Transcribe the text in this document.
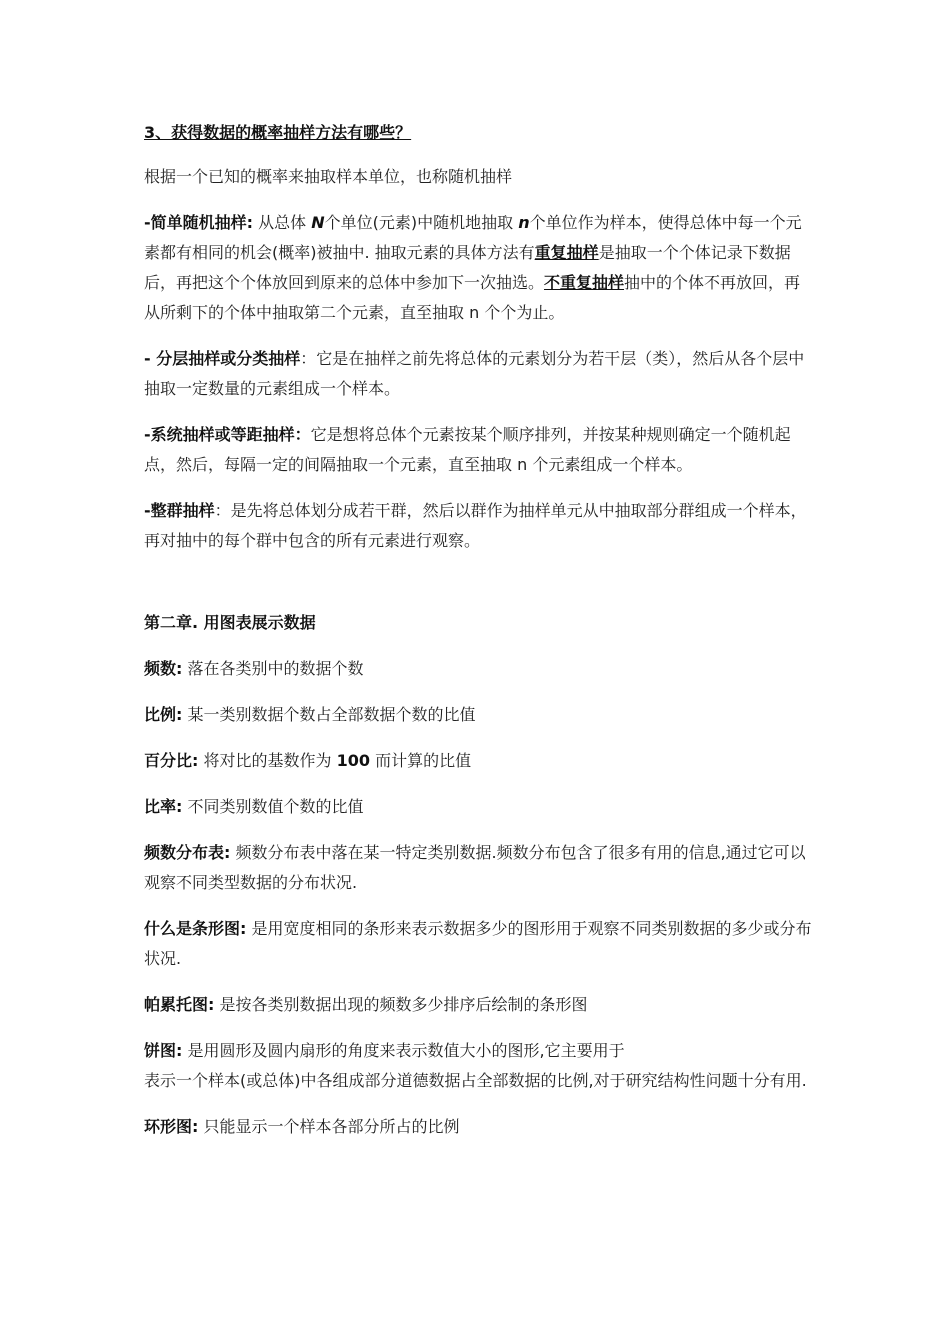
3、获得数据的概率抽样方法有哪些？

根据一个已知的概率来抽取样本单位，也称随机抽样

-简单随机抽样: 从总体 N个单位(元素)中随机地抽取 n个单位作为样本，使得总体中每一个元素都有相同的机会(概率)被抽中. 抽取元素的具体方法有重复抽样是抽取一个个体记录下数据后，再把这个个体放回到原来的总体中参加下一次抽选。不重复抽样抽中的个体不再放回，再从所剩下的个体中抽取第二个元素，直至抽取 n 个个为止。

- 分层抽样或分类抽样：它是在抽样之前先将总体的元素划分为若干层（类），然后从各个层中抽取一定数量的元素组成一个样本。

-系统抽样或等距抽样：它是想将总体个元素按某个顺序排列，并按某种规则确定一个随机起点，然后，每隔一定的间隔抽取一个元素，直至抽取 n 个元素组成一个样本。

-整群抽样：是先将总体划分成若干群，然后以群作为抽样单元从中抽取部分群组成一个样本，再对抽中的每个群中包含的所有元素进行观察。

第二章. 用图表展示数据

频数: 落在各类别中的数据个数

比例: 某一类别数据个数占全部数据个数的比值

百分比: 将对比的基数作为 100 而计算的比值

比率: 不同类别数值个数的比值

频数分布表: 频数分布表中落在某一特定类别数据.频数分布包含了很多有用的信息,通过它可以观察不同类型数据的分布状况.

什么是条形图: 是用宽度相同的条形来表示数据多少的图形用于观察不同类别数据的多少或分布状况.

帕累托图: 是按各类别数据出现的频数多少排序后绘制的条形图

饼图: 是用圆形及圆内扇形的角度来表示数值大小的图形,它主要用于
表示一个样本(或总体)中各组成部分道德数据占全部数据的比例,对于研究结构性问题十分有用.

环形图: 只能显示一个样本各部分所占的比例
